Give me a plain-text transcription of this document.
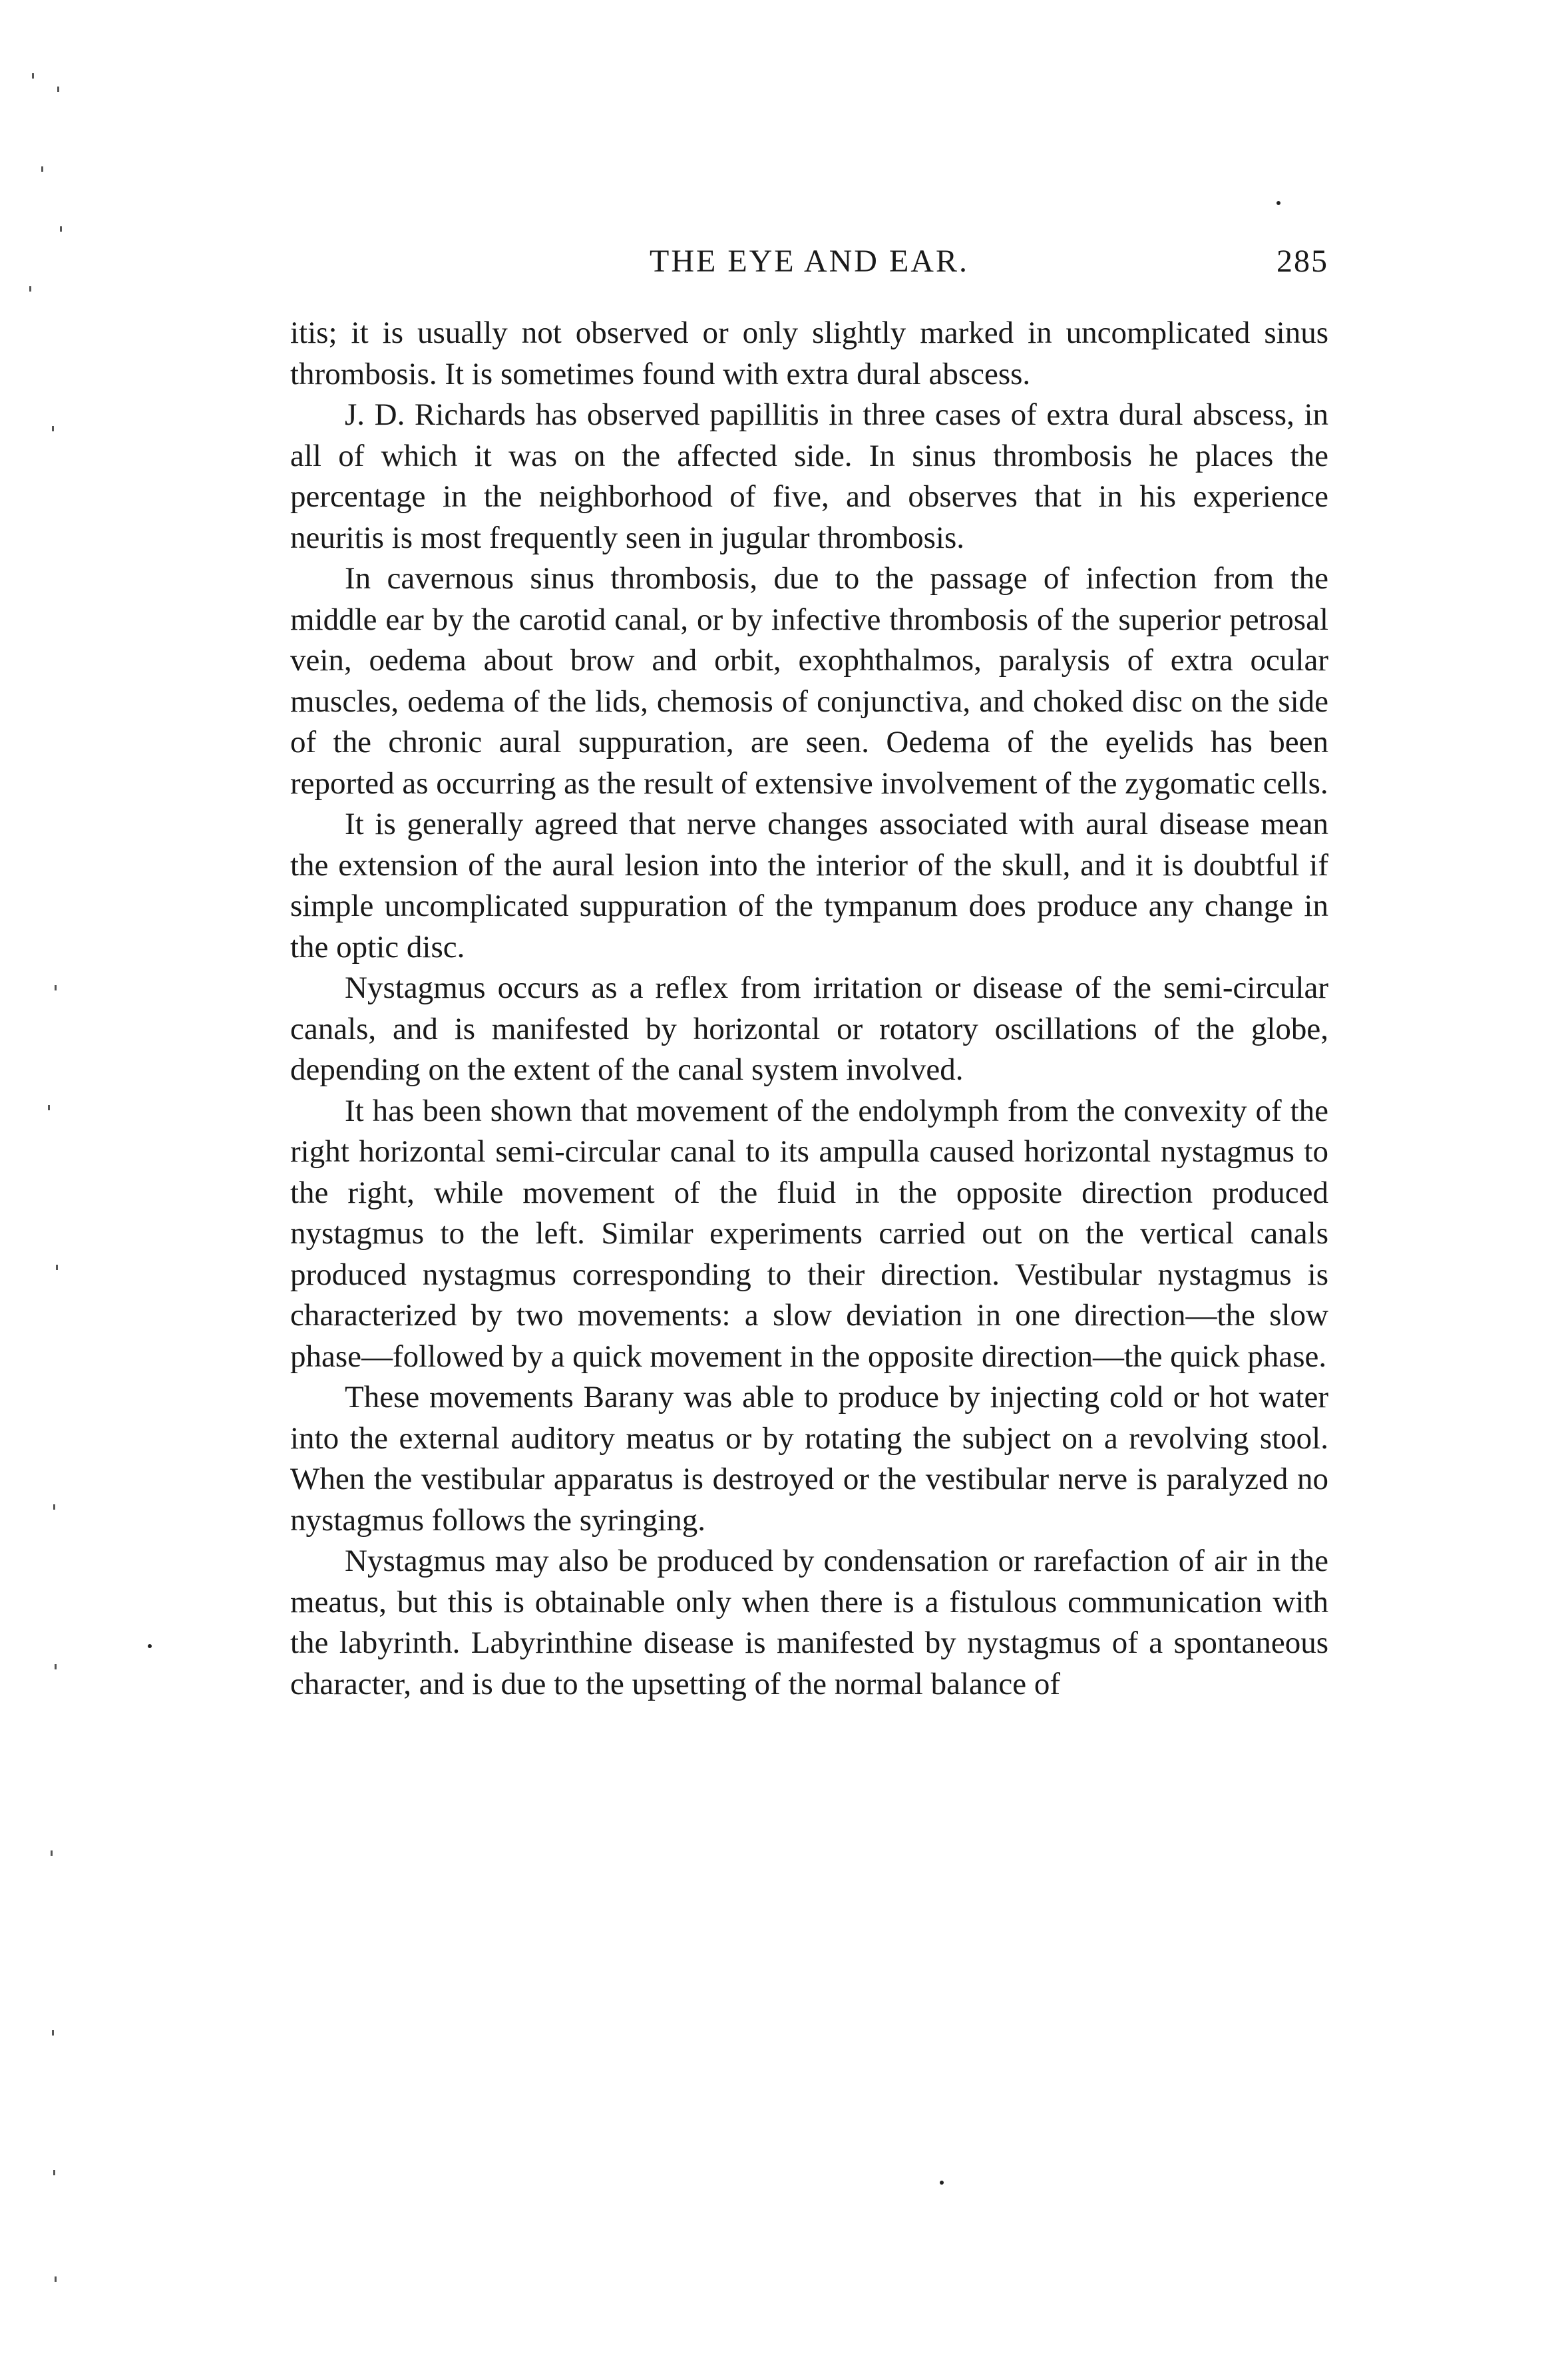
THE EYE AND EAR.	285

itis; it is usually not observed or only slightly marked in uncomplicated sinus thrombosis. It is sometimes found with extra dural abscess.

J. D. Richards has observed papillitis in three cases of extra dural abscess, in all of which it was on the affected side. In sinus thrombosis he places the percentage in the neighborhood of five, and observes that in his experience neuritis is most frequently seen in jugular thrombosis.

In cavernous sinus thrombosis, due to the passage of infection from the middle ear by the carotid canal, or by infective thrombosis of the superior petrosal vein, oedema about brow and orbit, exophthalmos, paralysis of extra ocular muscles, oedema of the lids, chemosis of conjunctiva, and choked disc on the side of the chronic aural suppuration, are seen. Oedema of the eyelids has been reported as occurring as the result of extensive involvement of the zygomatic cells.

It is generally agreed that nerve changes associated with aural disease mean the extension of the aural lesion into the interior of the skull, and it is doubtful if simple uncomplicated suppuration of the tympanum does produce any change in the optic disc.

Nystagmus occurs as a reflex from irritation or disease of the semi-circular canals, and is manifested by horizontal or rotatory oscillations of the globe, depending on the extent of the canal system involved.

It has been shown that movement of the endolymph from the convexity of the right horizontal semi-circular canal to its ampulla caused horizontal nystagmus to the right, while movement of the fluid in the opposite direction produced nystagmus to the left. Similar experiments carried out on the vertical canals produced nystagmus corresponding to their direction. Vestibular nystagmus is characterized by two movements: a slow deviation in one direction—the slow phase—followed by a quick movement in the opposite direction—the quick phase.

These movements Barany was able to produce by injecting cold or hot water into the external auditory meatus or by rotating the subject on a revolving stool. When the vestibular apparatus is destroyed or the vestibular nerve is paralyzed no nystagmus follows the syringing.

Nystagmus may also be produced by condensation or rarefaction of air in the meatus, but this is obtainable only when there is a fistulous communication with the labyrinth. Labyrinthine disease is manifested by nystagmus of a spontaneous character, and is due to the upsetting of the normal balance of
